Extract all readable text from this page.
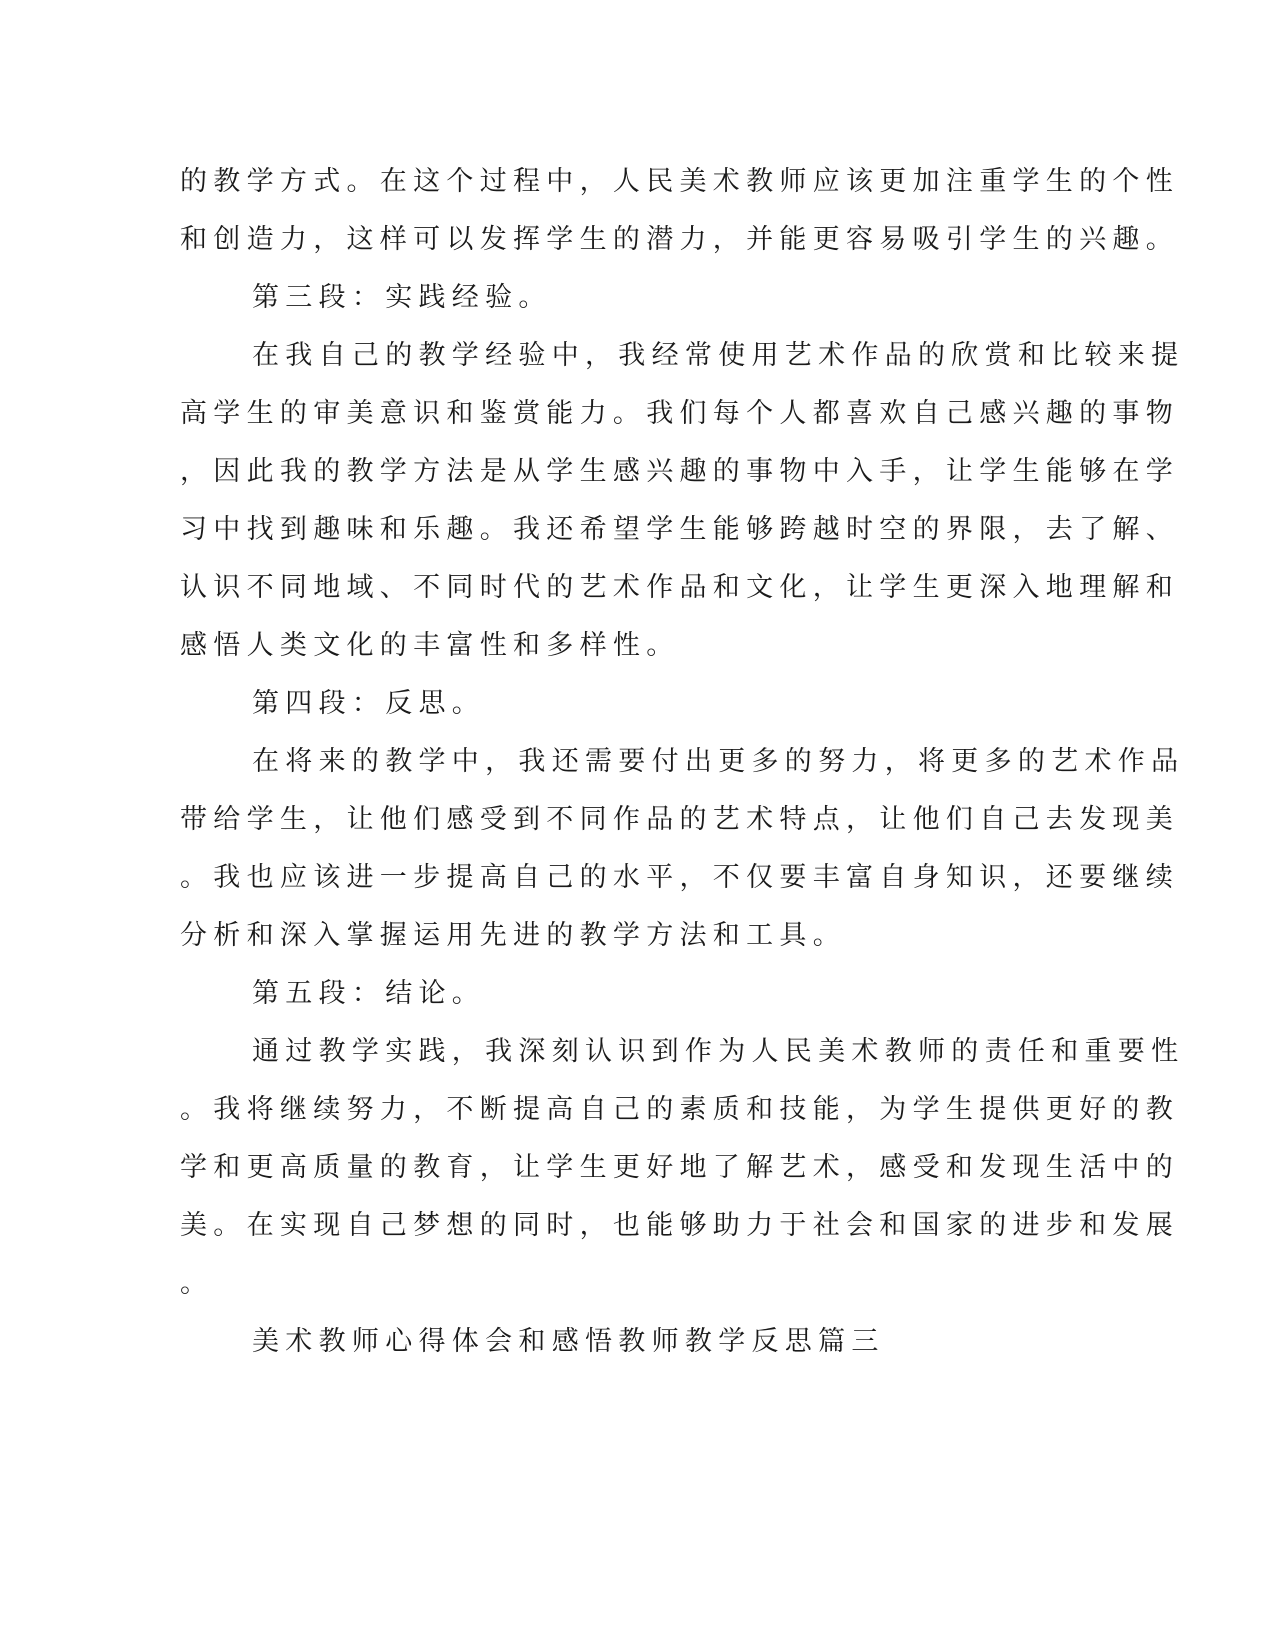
的教学方式。在这个过程中，人民美术教师应该更加注重学生的个性

和创造力，这样可以发挥学生的潜力，并能更容易吸引学生的兴趣。

第三段：实践经验。

在我自己的教学经验中，我经常使用艺术作品的欣赏和比较来提

高学生的审美意识和鉴赏能力。我们每个人都喜欢自己感兴趣的事物

，因此我的教学方法是从学生感兴趣的事物中入手，让学生能够在学

习中找到趣味和乐趣。我还希望学生能够跨越时空的界限，去了解、

认识不同地域、不同时代的艺术作品和文化，让学生更深入地理解和

感悟人类文化的丰富性和多样性。

第四段：反思。

在将来的教学中，我还需要付出更多的努力，将更多的艺术作品

带给学生，让他们感受到不同作品的艺术特点，让他们自己去发现美

。我也应该进一步提高自己的水平，不仅要丰富自身知识，还要继续

分析和深入掌握运用先进的教学方法和工具。

第五段：结论。

通过教学实践，我深刻认识到作为人民美术教师的责任和重要性

。我将继续努力，不断提高自己的素质和技能，为学生提供更好的教

学和更高质量的教育，让学生更好地了解艺术，感受和发现生活中的

美。在实现自己梦想的同时，也能够助力于社会和国家的进步和发展

。

美术教师心得体会和感悟教师教学反思篇三
